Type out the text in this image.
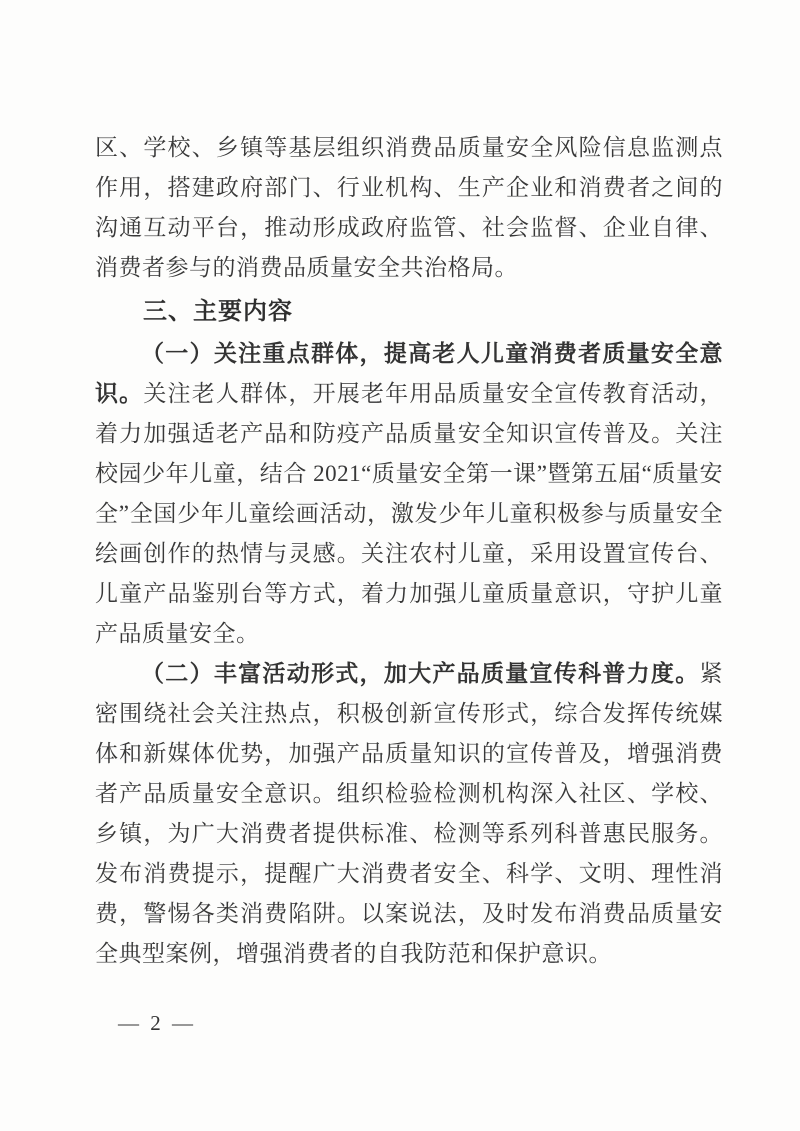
区、学校、乡镇等基层组织消费品质量安全风险信息监测点作用，搭建政府部门、行业机构、生产企业和消费者之间的沟通互动平台，推动形成政府监管、社会监督、企业自律、消费者参与的消费品质量安全共治格局。

三、主要内容

（一）关注重点群体，提高老人儿童消费者质量安全意识。关注老人群体，开展老年用品质量安全宣传教育活动，着力加强适老产品和防疫产品质量安全知识宣传普及。关注校园少年儿童，结合 2021“质量安全第一课”暨第五届“质量安全”全国少年儿童绘画活动，激发少年儿童积极参与质量安全绘画创作的热情与灵感。关注农村儿童，采用设置宣传台、儿童产品鉴别台等方式，着力加强儿童质量意识，守护儿童产品质量安全。

（二）丰富活动形式，加大产品质量宣传科普力度。紧密围绕社会关注热点，积极创新宣传形式，综合发挥传统媒体和新媒体优势，加强产品质量知识的宣传普及，增强消费者产品质量安全意识。组织检验检测机构深入社区、学校、乡镇，为广大消费者提供标准、检测等系列科普惠民服务。发布消费提示，提醒广大消费者安全、科学、文明、理性消费，警惕各类消费陷阱。以案说法，及时发布消费品质量安全典型案例，增强消费者的自我防范和保护意识。

— 2 —
